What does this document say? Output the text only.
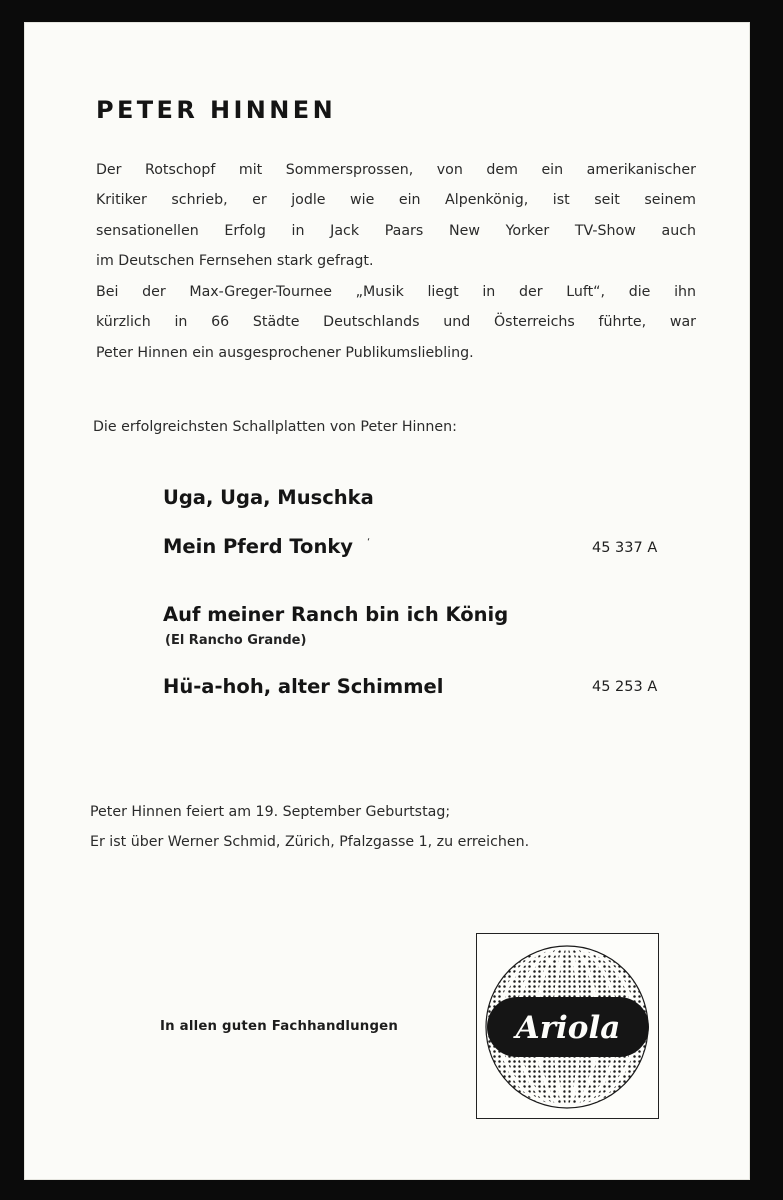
PETER HINNEN

Der Rotschopf mit Sommersprossen, von dem ein amerikanischer

Kritiker schrieb, er jodle wie ein Alpenkönig, ist seit seinem

sensationellen Erfolg in Jack Paars New Yorker TV-Show auch

im Deutschen Fernsehen stark gefragt.

Bei der Max-Greger-Tournee „Musik liegt in der Luft“, die ihn

kürzlich in 66 Städte Deutschlands und Österreichs führte, war

Peter Hinnen ein ausgesprochener Publikumsliebling.

Die erfolgreichsten Schallplatten von Peter Hinnen:
Uga, Uga, Muschka
Mein Pferd Tonky ‘	45 337 A
Auf meiner Ranch bin ich König
(El Rancho Grande)
Hü-a-hoh, alter Schimmel	45 253 A
Peter Hinnen feiert am 19. September Geburtstag;
Er ist über Werner Schmid, Zürich, Pfalzgasse 1, zu erreichen.
In allen guten Fachhandlungen	Ariola
